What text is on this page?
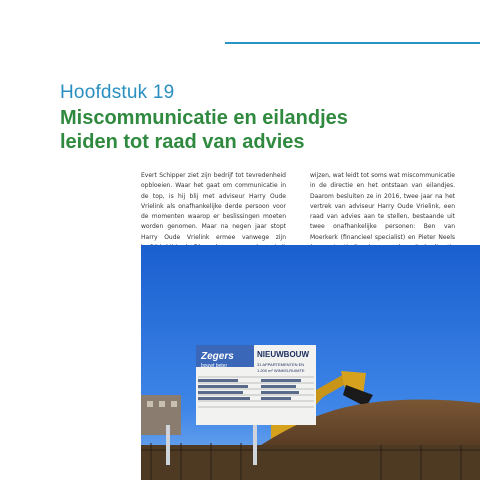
Hoofdstuk 19
Miscommunicatie en eilandjes leiden tot raad van advies

Evert Schipper ziet zijn bedrijf tot tevredenheid opbloeien. Waar het gaat om communicatie in de top, is hij blij met adviseur Harry Oude Vrielink als onafhankelijke derde persoon voor de momenten waarop er beslissingen moeten worden genomen. Maar na negen jaar stopt Harry Oude Vrielink ermee vanwege zijn

wijzen, wat leidt tot soms wat miscommunicatie in de directie en het ontstaan van eilandjes. Daarom besluiten ze in 2016, twee jaar na het vertrek van adviseur Harry Oude Vrielink, een raad van advies aan te stellen, bestaande uit twee onafhankelijke personen: Ben van Moerkerk (financieel specialist) en Pieter Neels

Zegers
bouwt beter
NIEUWBOUW
31 APPARTEMENTEN EN
1.200 m² WINKELRUIMTE
